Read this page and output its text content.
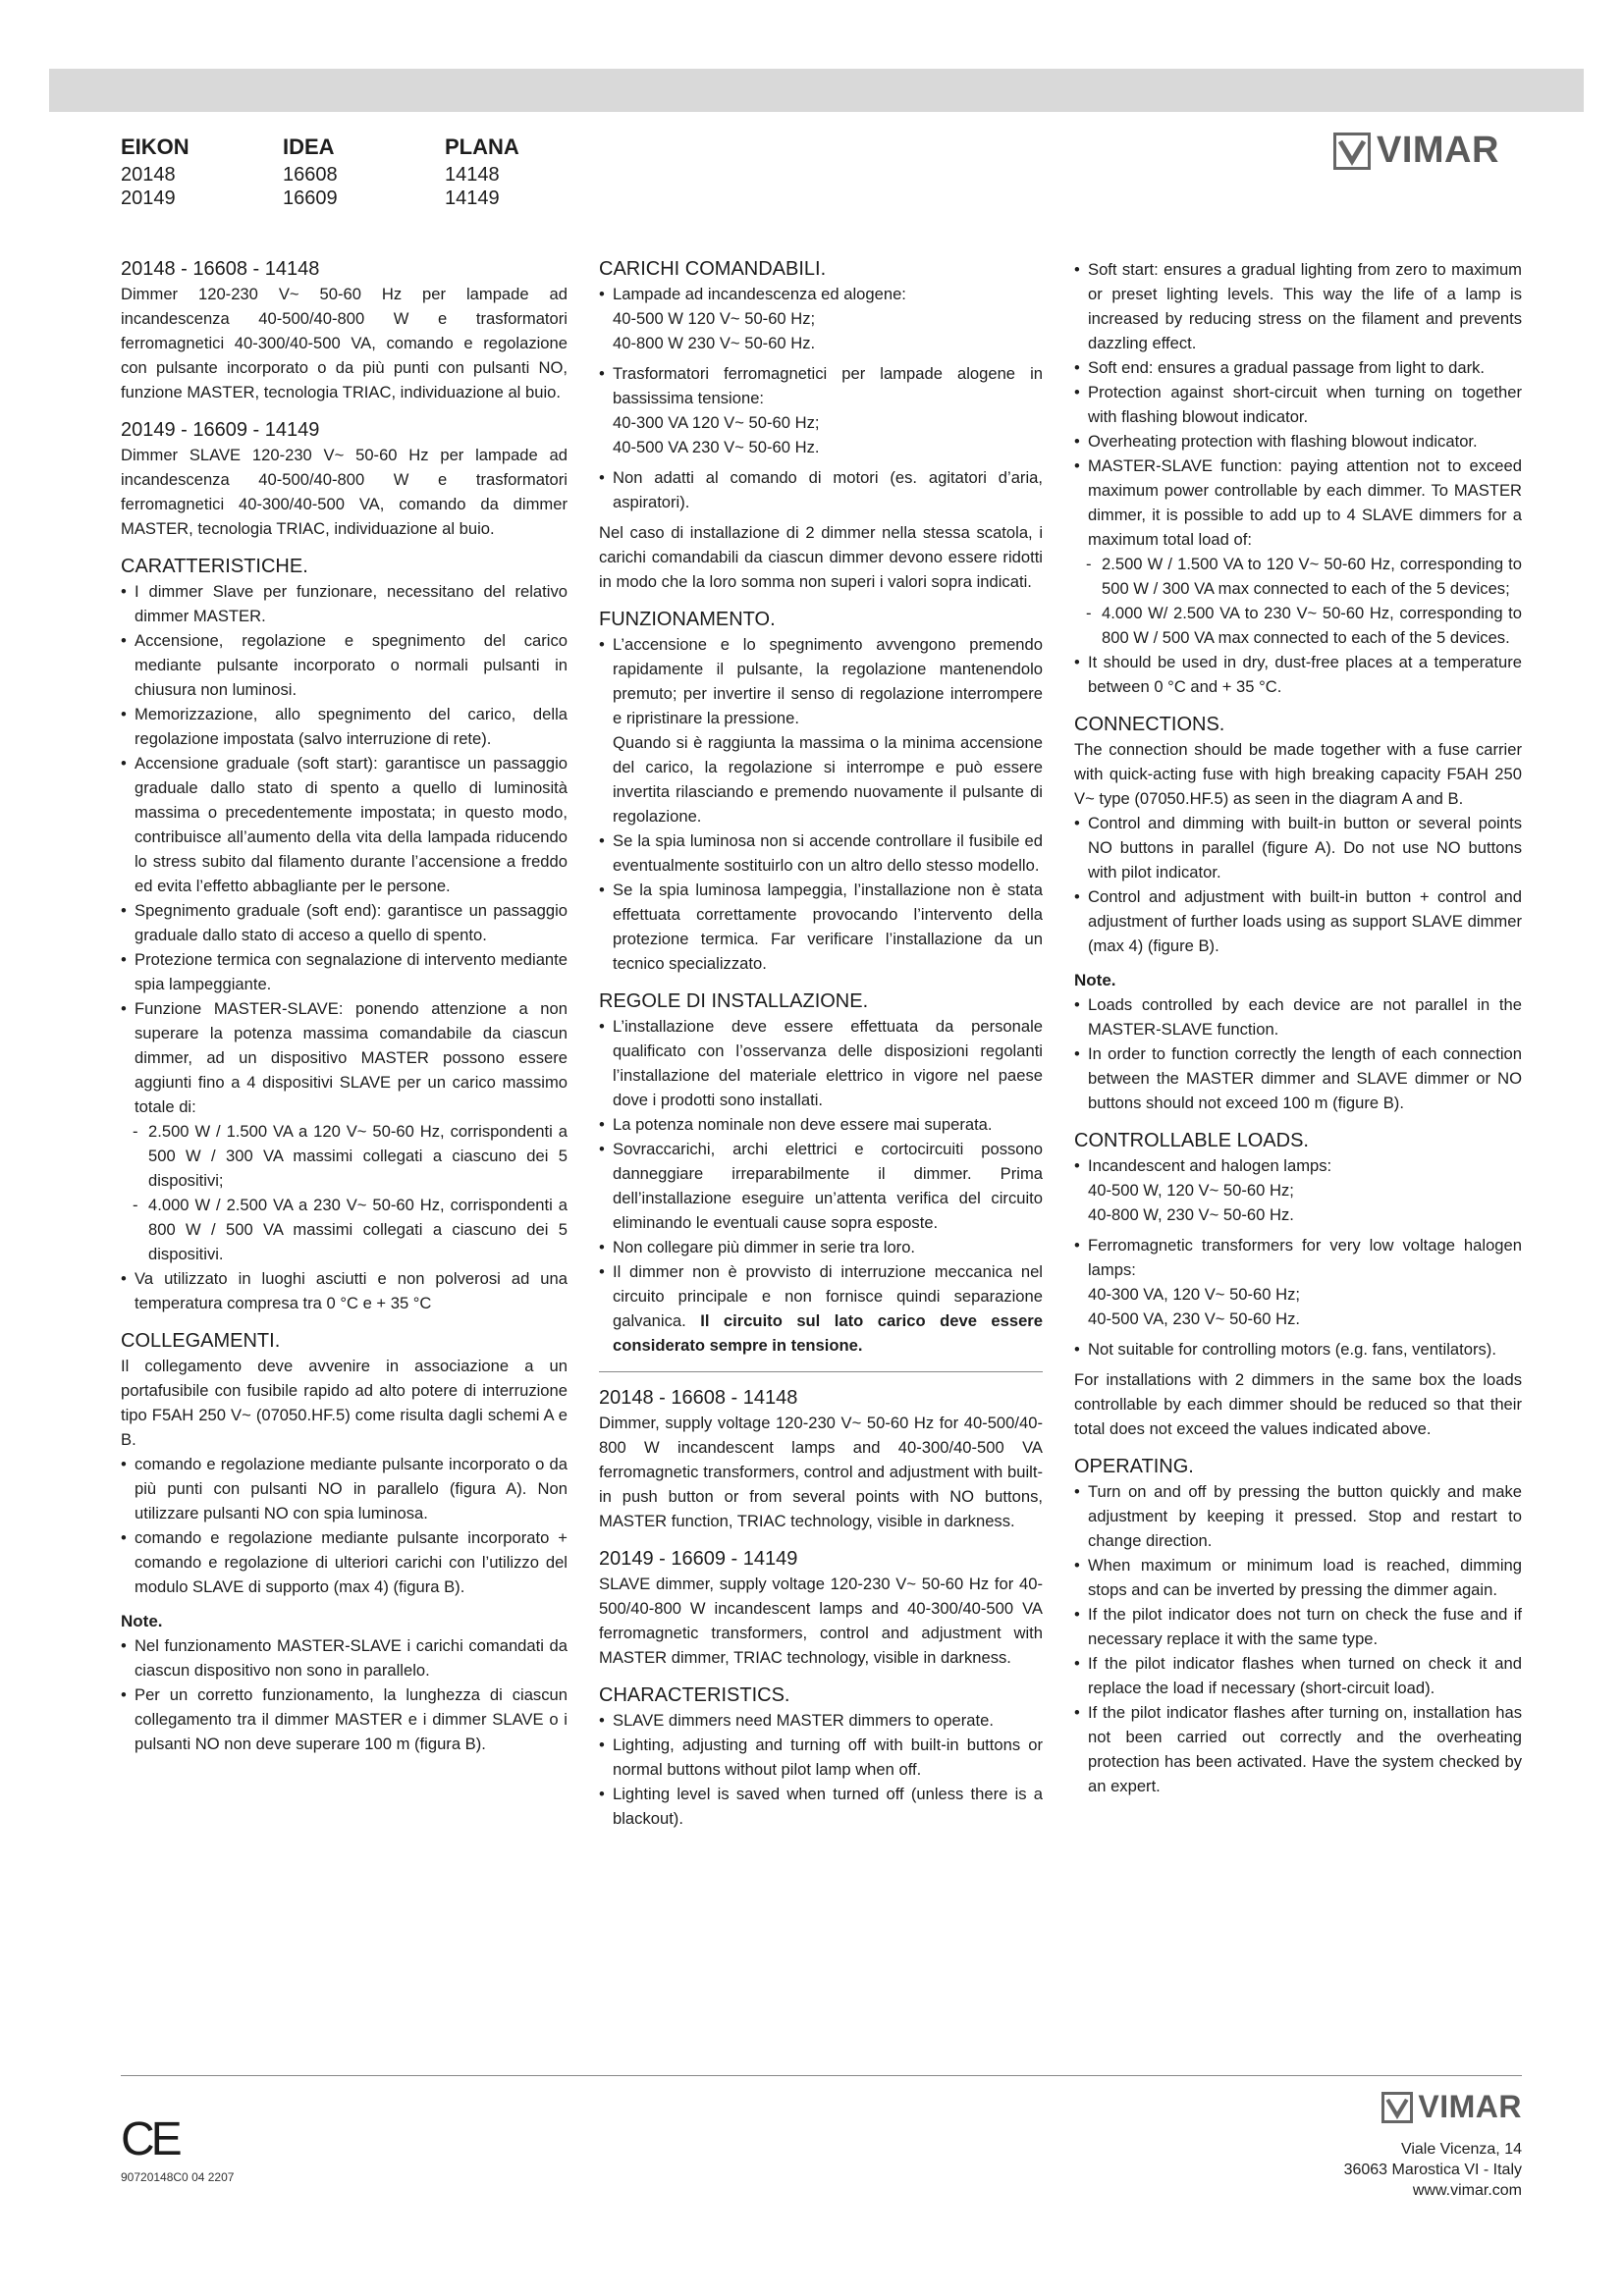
EIKON
20148
20149
IDEA
16608
16609
PLANA
14148
14149
VIMAR
20148 - 16608 - 14148

Dimmer 120-230 V~ 50-60 Hz per lampade ad incandescenza 40-500/40-800 W e trasformatori ferromagnetici 40-300/40-500 VA, comando e regolazione con pulsante incorporato o da più punti con pulsanti NO, funzione MASTER, tecnologia TRIAC, individuazione al buio.

20149 - 16609 - 14149

Dimmer SLAVE 120-230 V~ 50-60 Hz per lampade ad incandescenza 40-500/40-800 W e trasformatori ferromagnetici 40-300/40-500 VA, comando da dimmer MASTER, tecnologia TRIAC, individuazione al buio.

CARATTERISTICHE.
• I dimmer Slave per funzionare, necessitano del relativo dimmer MASTER.
• Accensione, regolazione e spegnimento del carico mediante pulsante incorporato o normali pulsanti in chiusura non luminosi.
• Memorizzazione, allo spegnimento del carico, della regolazione impostata (salvo interruzione di rete).
• Accensione graduale (soft start): garantisce un passaggio graduale dallo stato di spento a quello di luminosità massima o precedentemente impostata; in questo modo, contribuisce all’aumento della vita della lampada riducendo lo stress subito dal filamento durante l’accensione a freddo ed evita l’effetto abbagliante per le persone.
• Spegnimento graduale (soft end): garantisce un passaggio graduale dallo stato di acceso a quello di spento.
• Protezione termica con segnalazione di intervento mediante spia lampeggiante.
• Funzione MASTER-SLAVE: ponendo attenzione a non superare la potenza massima comandabile da ciascun dimmer, ad un dispositivo MASTER possono essere aggiunti fino a 4 dispositivi SLAVE per un carico massimo totale di:
- 2.500 W / 1.500 VA a 120 V~ 50-60 Hz, corrispondenti a 500 W / 300 VA massimi collegati a ciascuno dei 5 dispositivi;
- 4.000 W / 2.500 VA a 230 V~ 50-60 Hz, corrispondenti a 800 W / 500 VA massimi collegati a ciascuno dei 5 dispositivi.
• Va utilizzato in luoghi asciutti e non polverosi ad una temperatura compresa tra 0 °C e + 35 °C
COLLEGAMENTI.

Il collegamento deve avvenire in associazione a un portafusibile con fusibile rapido ad alto potere di interruzione tipo F5AH 250 V~ (07050.HF.5) come risulta dagli schemi A e B.

• comando e regolazione mediante pulsante incorporato o da più punti con pulsanti NO in parallelo (figura A). Non utilizzare pulsanti NO con spia luminosa.
• comando e regolazione mediante pulsante incorporato + comando e regolazione di ulteriori carichi con l’utilizzo del modulo SLAVE di supporto (max 4) (figura B).
Note.
• Nel funzionamento MASTER-SLAVE i carichi comandati da ciascun dispositivo non sono in parallelo.
• Per un corretto funzionamento, la lunghezza di ciascun collegamento tra il dimmer MASTER e i dimmer SLAVE o i pulsanti NO non deve superare 100 m (figura B).
CARICHI COMANDABILI.
• Lampade ad incandescenza ed alogene:
40-500 W 120 V~ 50-60 Hz;
40-800 W 230 V~ 50-60 Hz.
• Trasformatori ferromagnetici per lampade alogene in bassissima tensione:
40-300 VA 120 V~ 50-60 Hz;
40-500 VA 230 V~ 50-60 Hz.
• Non adatti al comando di motori (es. agitatori d’aria, aspiratori).

Nel caso di installazione di 2 dimmer nella stessa scatola, i carichi comandabili da ciascun dimmer devono essere ridotti in modo che la loro somma non superi i valori sopra indicati.

FUNZIONAMENTO.
• L’accensione e lo spegnimento avvengono premendo rapidamente il pulsante, la regolazione mantenendolo premuto; per invertire il senso di regolazione interrompere e ripristinare la pressione.
Quando si è raggiunta la massima o la minima accensione del carico, la regolazione si interrompe e può essere invertita rilasciando e premendo nuovamente il pulsante di regolazione.
• Se la spia luminosa non si accende controllare il fusibile ed eventualmente sostituirlo con un altro dello stesso modello.
• Se la spia luminosa lampeggia, l’installazione non è stata effettuata correttamente provocando l’intervento della protezione termica. Far verificare l’installazione da un tecnico specializzato.
REGOLE DI INSTALLAZIONE.
• L’installazione deve essere effettuata da personale qualificato con l’osservanza delle disposizioni regolanti l’installazione del materiale elettrico in vigore nel paese dove i prodotti sono installati.
• La potenza nominale non deve essere mai superata.
• Sovraccarichi, archi elettrici e cortocircuiti possono danneggiare irreparabilmente il dimmer. Prima dell’installazione eseguire un’attenta verifica del circuito eliminando le eventuali cause sopra esposte.
• Non collegare più dimmer in serie tra loro.
• Il dimmer non è provvisto di interruzione meccanica nel circuito principale e non fornisce quindi separazione galvanica. Il circuito sul lato carico deve essere considerato sempre in tensione.
20148 - 16608 - 14148

Dimmer, supply voltage 120-230 V~ 50-60 Hz for 40-500/40-800 W incandescent lamps and 40-300/40-500 VA ferromagnetic transformers, control and adjustment with built-in push button or from several points with NO buttons, MASTER function, TRIAC technology, visible in darkness.

20149 - 16609 - 14149

SLAVE dimmer, supply voltage 120-230 V~ 50-60 Hz for 40-500/40-800 W incandescent lamps and 40-300/40-500 VA ferromagnetic transformers, control and adjustment with MASTER dimmer, TRIAC technology, visible in darkness.

CHARACTERISTICS.
• SLAVE dimmers need MASTER dimmers to operate.
• Lighting, adjusting and turning off with built-in buttons or normal buttons without pilot lamp when off.
• Lighting level is saved when turned off (unless there is a blackout).
• Soft start: ensures a gradual lighting from zero to maximum or preset lighting levels. This way the life of a lamp is increased by reducing stress on the filament and prevents dazzling effect.
• Soft end: ensures a gradual passage from light to dark.
• Protection against short-circuit when turning on together with flashing blowout indicator.
• Overheating protection with flashing blowout indicator.
• MASTER-SLAVE function: paying attention not to exceed maximum power controllable by each dimmer. To MASTER dimmer, it is possible to add up to 4 SLAVE dimmers for a maximum total load of:
- 2.500 W / 1.500 VA to 120 V~ 50-60 Hz, corresponding to 500 W / 300 VA max connected to each of the 5 devices;
- 4.000 W/ 2.500 VA to 230 V~ 50-60 Hz, corresponding to 800 W / 500 VA max connected to each of the 5 devices.
• It should be used in dry, dust-free places at a temperature between 0 °C and + 35 °C.
CONNECTIONS.

The connection should be made together with a fuse carrier with quick-acting fuse with high breaking capacity F5AH 250 V~ type (07050.HF.5) as seen in the diagram A and B.

• Control and dimming with built-in button or several points NO buttons in parallel (figure A). Do not use NO buttons with pilot indicator.
• Control and adjustment with built-in button + control and adjustment of further loads using as support SLAVE dimmer (max 4) (figure B).
Note.
• Loads controlled by each device are not parallel in the MASTER-SLAVE function.
• In order to function correctly the length of each connection between the MASTER dimmer and SLAVE dimmer or NO buttons should not exceed 100 m (figure B).
CONTROLLABLE LOADS.
• Incandescent and halogen lamps:
40-500 W, 120 V~ 50-60 Hz;
40-800 W, 230 V~ 50-60 Hz.
• Ferromagnetic transformers for very low voltage halogen lamps:
40-300 VA, 120 V~ 50-60 Hz;
40-500 VA, 230 V~ 50-60 Hz.
• Not suitable for controlling motors (e.g. fans, ventilators).

For installations with 2 dimmers in the same box the loads controllable by each dimmer should be reduced so that their total does not exceed the values indicated above.

OPERATING.
• Turn on and off by pressing the button quickly and make adjustment by keeping it pressed. Stop and restart to change direction.
• When maximum or minimum load is reached, dimming stops and can be inverted by pressing the dimmer again.
• If the pilot indicator does not turn on check the fuse and if necessary replace it with the same type.
• If the pilot indicator flashes when turned on check it and replace the load if necessary (short-circuit load).
• If the pilot indicator flashes after turning on, installation has not been carried out correctly and the overheating protection has been activated. Have the system checked by an expert.
CE
90720148C0 04 2207
VIMAR
Viale Vicenza, 14
36063 Marostica VI - Italy
www.vimar.com
